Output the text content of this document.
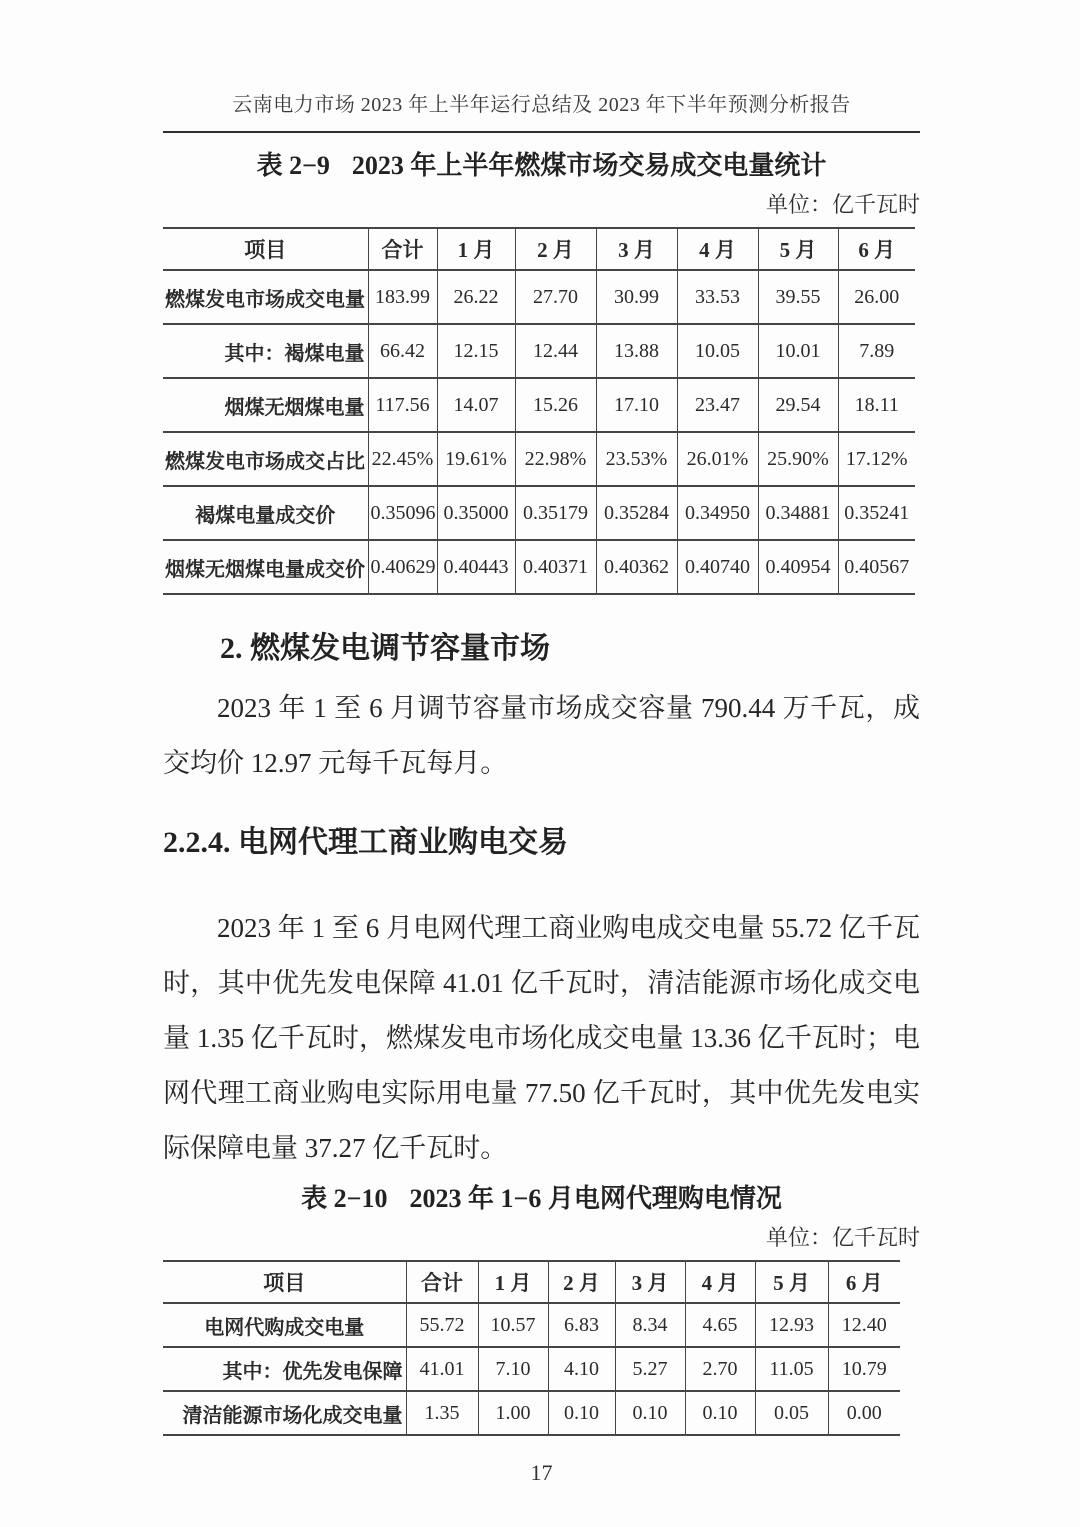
云南电力市场 2023 年上半年运行总结及 2023 年下半年预测分析报告
表 2−9 2023 年上半年燃煤市场交易成交电量统计
单位：亿千瓦时
项目	合计	1 月	2 月	3 月	4 月	5 月	6 月
燃煤发电市场成交电量	183.99	26.22	27.70	30.99	33.53	39.55	26.00
其中：褐煤电量	66.42	12.15	12.44	13.88	10.05	10.01	7.89
烟煤无烟煤电量	117.56	14.07	15.26	17.10	23.47	29.54	18.11
燃煤发电市场成交占比	22.45%	19.61%	22.98%	23.53%	26.01%	25.90%	17.12%
褐煤电量成交价	0.35096	0.35000	0.35179	0.35284	0.34950	0.34881	0.35241
烟煤无烟煤电量成交价	0.40629	0.40443	0.40371	0.40362	0.40740	0.40954	0.40567
2. 燃煤发电调节容量市场

2023 年 1 至 6 月调节容量市场成交容量 790.44 万千瓦，成交均价 12.97 元每千瓦每月。

2.2.4. 电网代理工商业购电交易

2023 年 1 至 6 月电网代理工商业购电成交电量 55.72 亿千瓦时，其中优先发电保障 41.01 亿千瓦时，清洁能源市场化成交电量 1.35 亿千瓦时，燃煤发电市场化成交电量 13.36 亿千瓦时；电网代理工商业购电实际用电量 77.50 亿千瓦时，其中优先发电实际保障电量 37.27 亿千瓦时。

表 2−10 2023 年 1−6 月电网代理购电情况
单位：亿千瓦时
项目	合计	1 月	2 月	3 月	4 月	5 月	6 月
电网代购成交电量	55.72	10.57	6.83	8.34	4.65	12.93	12.40
其中：优先发电保障	41.01	7.10	4.10	5.27	2.70	11.05	10.79
清洁能源市场化成交电量	1.35	1.00	0.10	0.10	0.10	0.05	0.00
17
